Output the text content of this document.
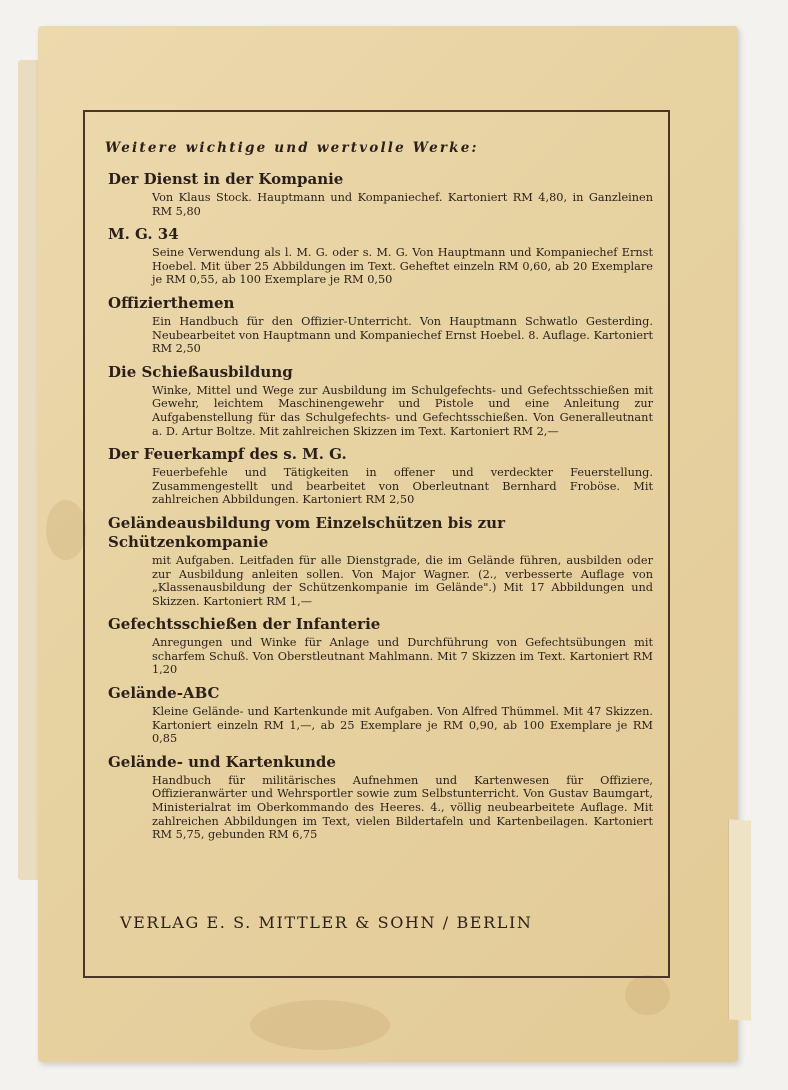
Weitere wichtige und wertvolle Werke:
Der Dienst in der Kompanie
Von Klaus Stock. Hauptmann und Kompaniechef. Kartoniert RM 4,80, in Ganzleinen RM 5,80
M. G. 34
Seine Verwendung als l. M. G. oder s. M. G. Von Hauptmann und Kompaniechef Ernst Hoebel. Mit über 25 Abbildungen im Text. Geheftet einzeln RM 0,60, ab 20 Exemplare je RM 0,55, ab 100 Exemplare je RM 0,50
Offizierthemen
Ein Handbuch für den Offizier-Unterricht. Von Hauptmann Schwatlo Gesterding. Neubearbeitet von Hauptmann und Kompaniechef Ernst Hoebel. 8. Auflage. Kartoniert RM 2,50
Die Schießausbildung
Winke, Mittel und Wege zur Ausbildung im Schulgefechts- und Gefechtsschießen mit Gewehr, leichtem Maschinengewehr und Pistole und eine Anleitung zur Aufgabenstellung für das Schulgefechts- und Gefechtsschießen. Von Generalleutnant a. D. Artur Boltze. Mit zahlreichen Skizzen im Text. Kartoniert RM 2,—
Der Feuerkampf des s. M. G.
Feuerbefehle und Tätigkeiten in offener und verdeckter Feuerstellung. Zusammengestellt und bearbeitet von Oberleutnant Bernhard Froböse. Mit zahlreichen Abbildungen. Kartoniert RM 2,50
Geländeausbildung vom Einzelschützen bis zur Schützenkompanie
mit Aufgaben. Leitfaden für alle Dienstgrade, die im Gelände führen, ausbilden oder zur Ausbildung anleiten sollen. Von Major Wagner. (2., verbesserte Auflage von „Klassenausbildung der Schützenkompanie im Gelände".) Mit 17 Abbildungen und Skizzen. Kartoniert RM 1,—
Gefechtsschießen der Infanterie
Anregungen und Winke für Anlage und Durchführung von Gefechtsübungen mit scharfem Schuß. Von Oberstleutnant Mahlmann. Mit 7 Skizzen im Text. Kartoniert RM 1,20
Gelände-ABC
Kleine Gelände- und Kartenkunde mit Aufgaben. Von Alfred Thümmel. Mit 47 Skizzen. Kartoniert einzeln RM 1,—, ab 25 Exemplare je RM 0,90, ab 100 Exemplare je RM 0,85
Gelände- und Kartenkunde
Handbuch für militärisches Aufnehmen und Kartenwesen für Offiziere, Offizieranwärter und Wehrsportler sowie zum Selbstunterricht. Von Gustav Baumgart, Ministerialrat im Oberkommando des Heeres. 4., völlig neubearbeitete Auflage. Mit zahlreichen Abbildungen im Text, vielen Bildertafeln und Kartenbeilagen. Kartoniert RM 5,75, gebunden RM 6,75
VERLAG E. S. MITTLER & SOHN / BERLIN
